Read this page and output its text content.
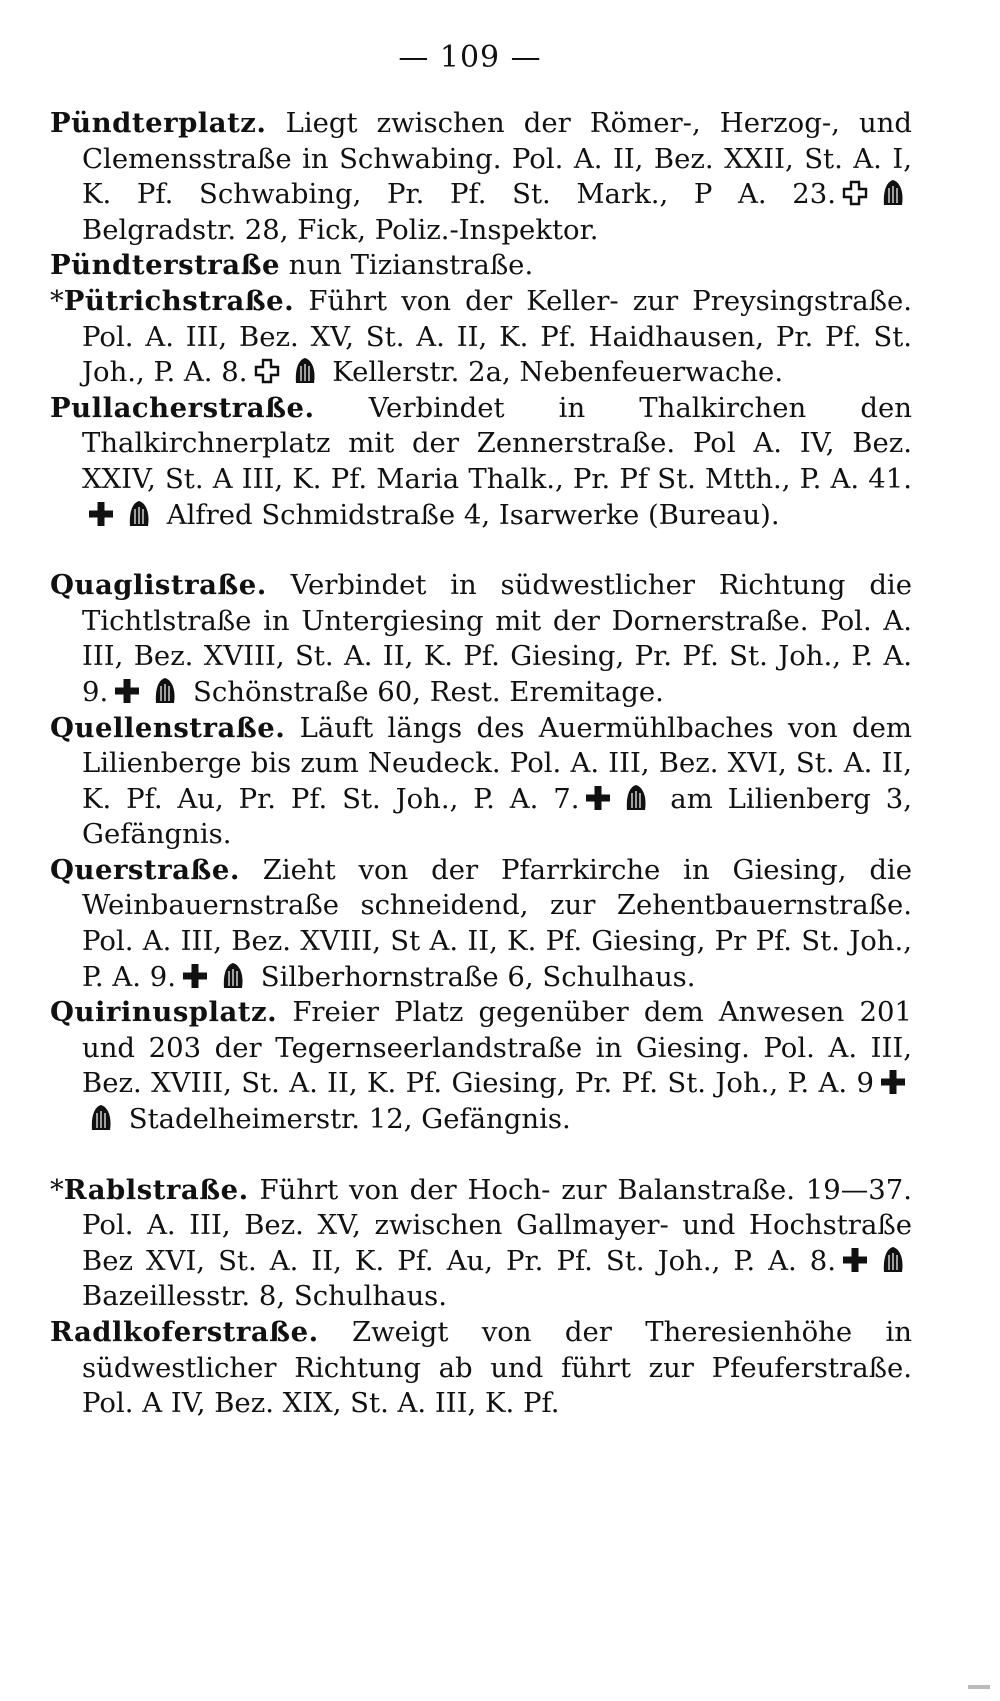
— 109 —

Pündterplatz. Liegt zwischen der Römer-, Herzog-, und Clemensstraße in Schwabing. Pol. A. II, Bez. XXII, St. A. I, K. Pf. Schwabing, Pr. Pf. St. Mark., P A. 23.
Belgradstr. 28, Fick, Poliz.-Inspektor.

Pündterstraße nun Tizianstraße.

*Pütrichstraße. Führt von der Keller- zur Preysingstraße. Pol. A. III, Bez. XV, St. A. II, K. Pf. Haidhausen, Pr. Pf. St. Joh., P. A. 8.	Kellerstr. 2a, Nebenfeuerwache.

Pullacherstraße. Verbindet in Thalkirchen den Thalkirchnerplatz mit der Zennerstraße. Pol A. IV, Bez. XXIV, St. A III, K. Pf. Maria Thalk., Pr. Pf St. Mtth., P. A. 41.
Alfred Schmidstraße 4, Isarwerke (Bureau).

Quaglistraße. Verbindet in südwestlicher Richtung die Tichtlstraße in Untergiesing mit der Dornerstraße. Pol. A. III, Bez. XVIII, St. A. II, K. Pf. Giesing, Pr. Pf. St. Joh., P. A. 9.	Schönstraße 60, Rest. Eremitage.

Quellenstraße. Läuft längs des Auermühlbaches von dem Lilienberge bis zum Neudeck. Pol. A. III, Bez. XVI, St. A. II, K. Pf. Au, Pr. Pf. St. Joh., P. A. 7.	am Lilienberg 3, Gefängnis.

Querstraße. Zieht von der Pfarrkirche in Giesing, die Weinbauernstraße schneidend, zur Zehentbauernstraße. Pol. A. III, Bez. XVIII, St A. II, K. Pf. Giesing, Pr Pf. St. Joh., P. A. 9.	Silberhornstraße 6, Schulhaus.

Quirinusplatz. Freier Platz gegenüber dem Anwesen 201 und 203 der Tegernseerlandstraße in Giesing. Pol. A. III, Bez. XVIII, St. A. II, K. Pf. Giesing, Pr. Pf. St. Joh., P. A. 9
Stadelheimerstr. 12, Gefängnis.

*Rablstraße. Führt von der Hoch- zur Balanstraße. 19—37. Pol. A. III, Bez. XV, zwischen Gallmayer- und Hochstraße Bez XVI, St. A. II, K. Pf. Au, Pr. Pf. St. Joh., P. A. 8.
Bazeillesstr. 8, Schulhaus.

Radlkoferstraße. Zweigt von der Theresienhöhe in südwestlicher Richtung ab und führt zur Pfeuferstraße. Pol. A IV, Bez. XIX, St. A. III, K. Pf.
